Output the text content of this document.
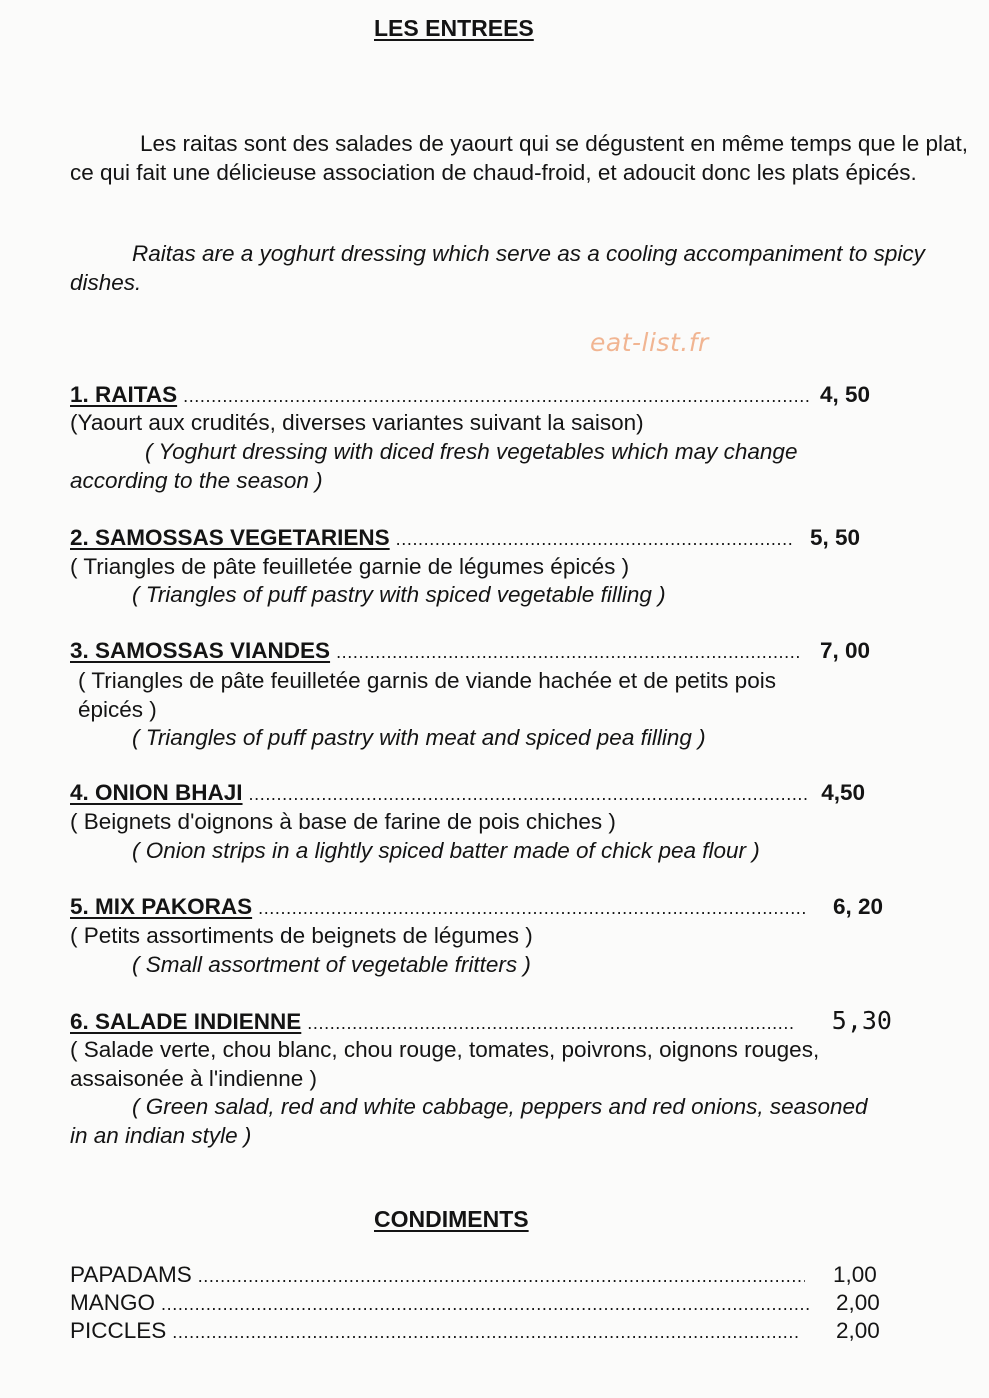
LES ENTREES
Les raitas sont des salades de yaourt qui se dégustent en même temps que le plat, ce qui fait une délicieuse association de chaud-froid, et adoucit donc les plats épicés.
Raitas are a yoghurt dressing which serve as a cooling accompaniment to spicy dishes.
eat-list.fr
1. RAITAS .....	4, 50
(Yaourt aux crudités, diverses variantes suivant la saison)
( Yoghurt dressing with diced fresh vegetables which may change according to the season )
2. SAMOSSAS VEGETARIENS .....	5, 50
( Triangles de pâte feuilletée garnie de légumes épicés )
( Triangles of puff pastry with spiced vegetable filling )
3. SAMOSSAS VIANDES .....	7, 00
( Triangles de pâte feuilletée garnis de viande hachée et de petits pois épicés )
( Triangles of puff pastry with meat and spiced pea filling )
4. ONION BHAJI .....	4,50
( Beignets d'oignons à base de farine de pois chiches )
( Onion strips in a lightly spiced batter made of chick pea flour )
5. MIX PAKORAS .....	6, 20
( Petits assortiments de beignets de légumes )
( Small assortment of vegetable fritters )
6. SALADE INDIENNE .....	5,30
( Salade verte, chou blanc, chou rouge, tomates, poivrons, oignons rouges, assaisonée à l'indienne )
( Green salad, red and white cabbage, peppers and red onions, seasoned in an indian style )
CONDIMENTS
PAPADAMS .....	1,00
MANGO .....	2,00
PICCLES .....	2,00
